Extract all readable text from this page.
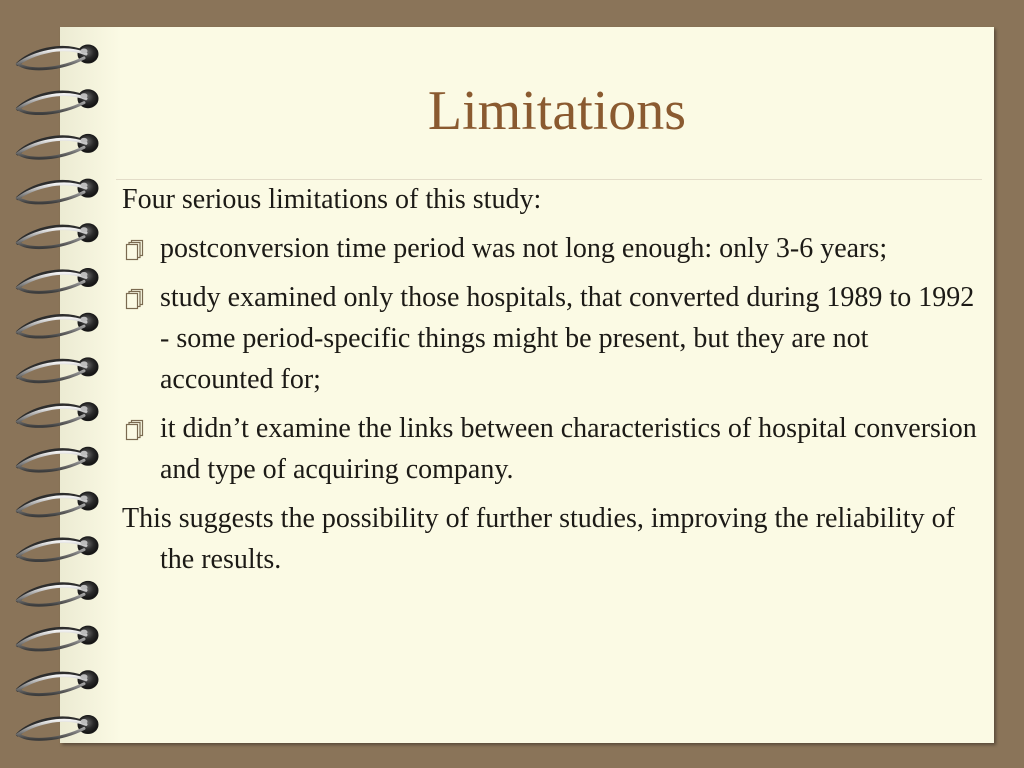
Limitations

Four serious limitations of this study:

postconversion time period was not long enough: only 3-6 years;
study examined only those hospitals, that converted during 1989 to 1992 - some period-specific things might be present, but they are not accounted for;
it didn’t examine the links between characteristics of hospital conversion and type of acquiring company.

This suggests the possibility of further studies, improving the reliability of the results.
